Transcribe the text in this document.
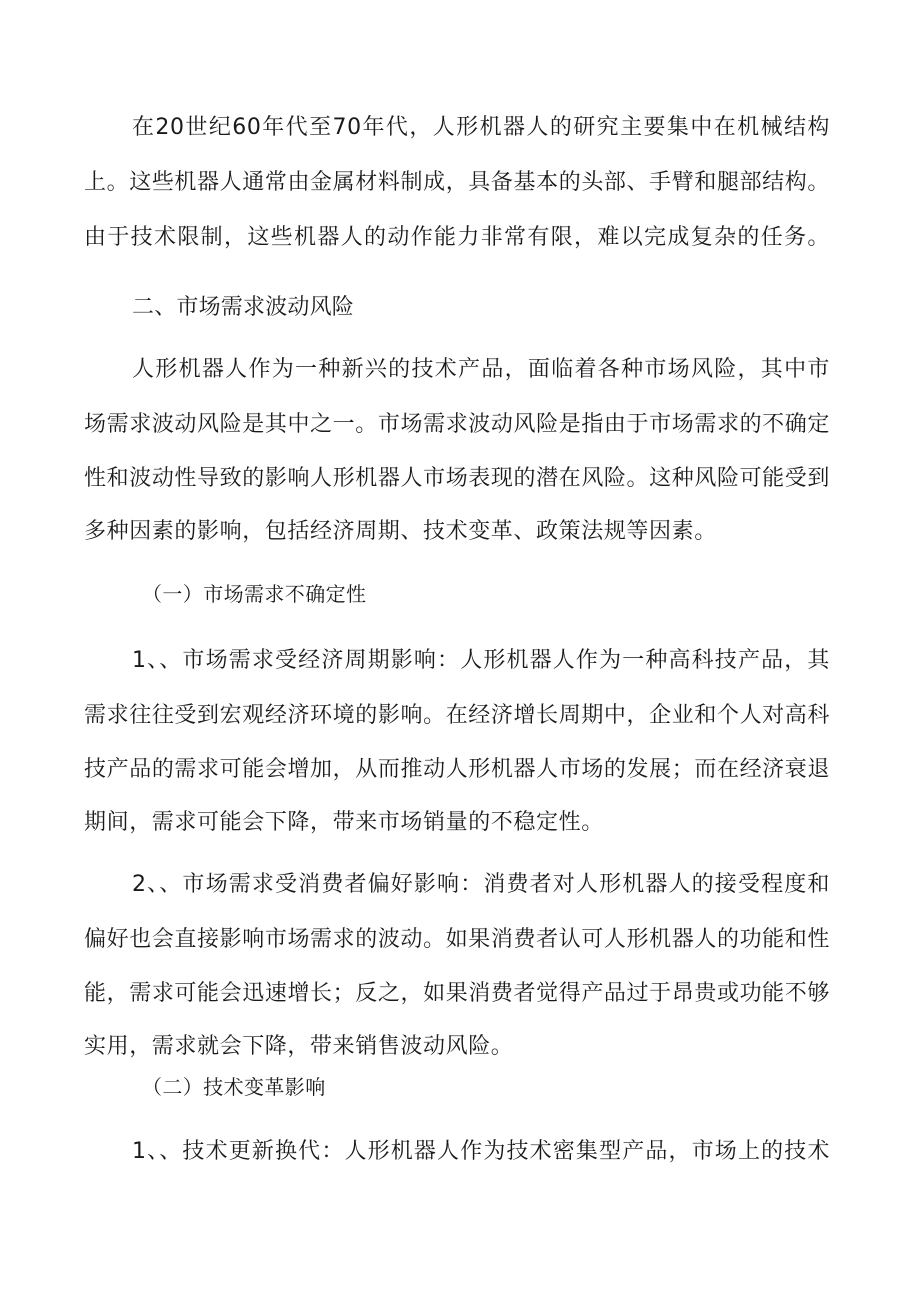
在20世纪60年代至70年代，人形机器人的研究主要集中在机械结构
上。这些机器人通常由金属材料制成，具备基本的头部、手臂和腿部结构。
由于技术限制，这些机器人的动作能力非常有限，难以完成复杂的任务。
二、市场需求波动风险
人形机器人作为一种新兴的技术产品，面临着各种市场风险，其中市
场需求波动风险是其中之一。市场需求波动风险是指由于市场需求的不确定
性和波动性导致的影响人形机器人市场表现的潜在风险。这种风险可能受到
多种因素的影响，包括经济周期、技术变革、政策法规等因素。
（一）市场需求不确定性
1、、市场需求受经济周期影响：人形机器人作为一种高科技产品，其
需求往往受到宏观经济环境的影响。在经济增长周期中，企业和个人对高科
技产品的需求可能会增加，从而推动人形机器人市场的发展；而在经济衰退
期间，需求可能会下降，带来市场销量的不稳定性。
2、、市场需求受消费者偏好影响：消费者对人形机器人的接受程度和
偏好也会直接影响市场需求的波动。如果消费者认可人形机器人的功能和性
能，需求可能会迅速增长；反之，如果消费者觉得产品过于昂贵或功能不够
实用，需求就会下降，带来销售波动风险。
（二）技术变革影响
1、、技术更新换代：人形机器人作为技术密集型产品，市场上的技术
